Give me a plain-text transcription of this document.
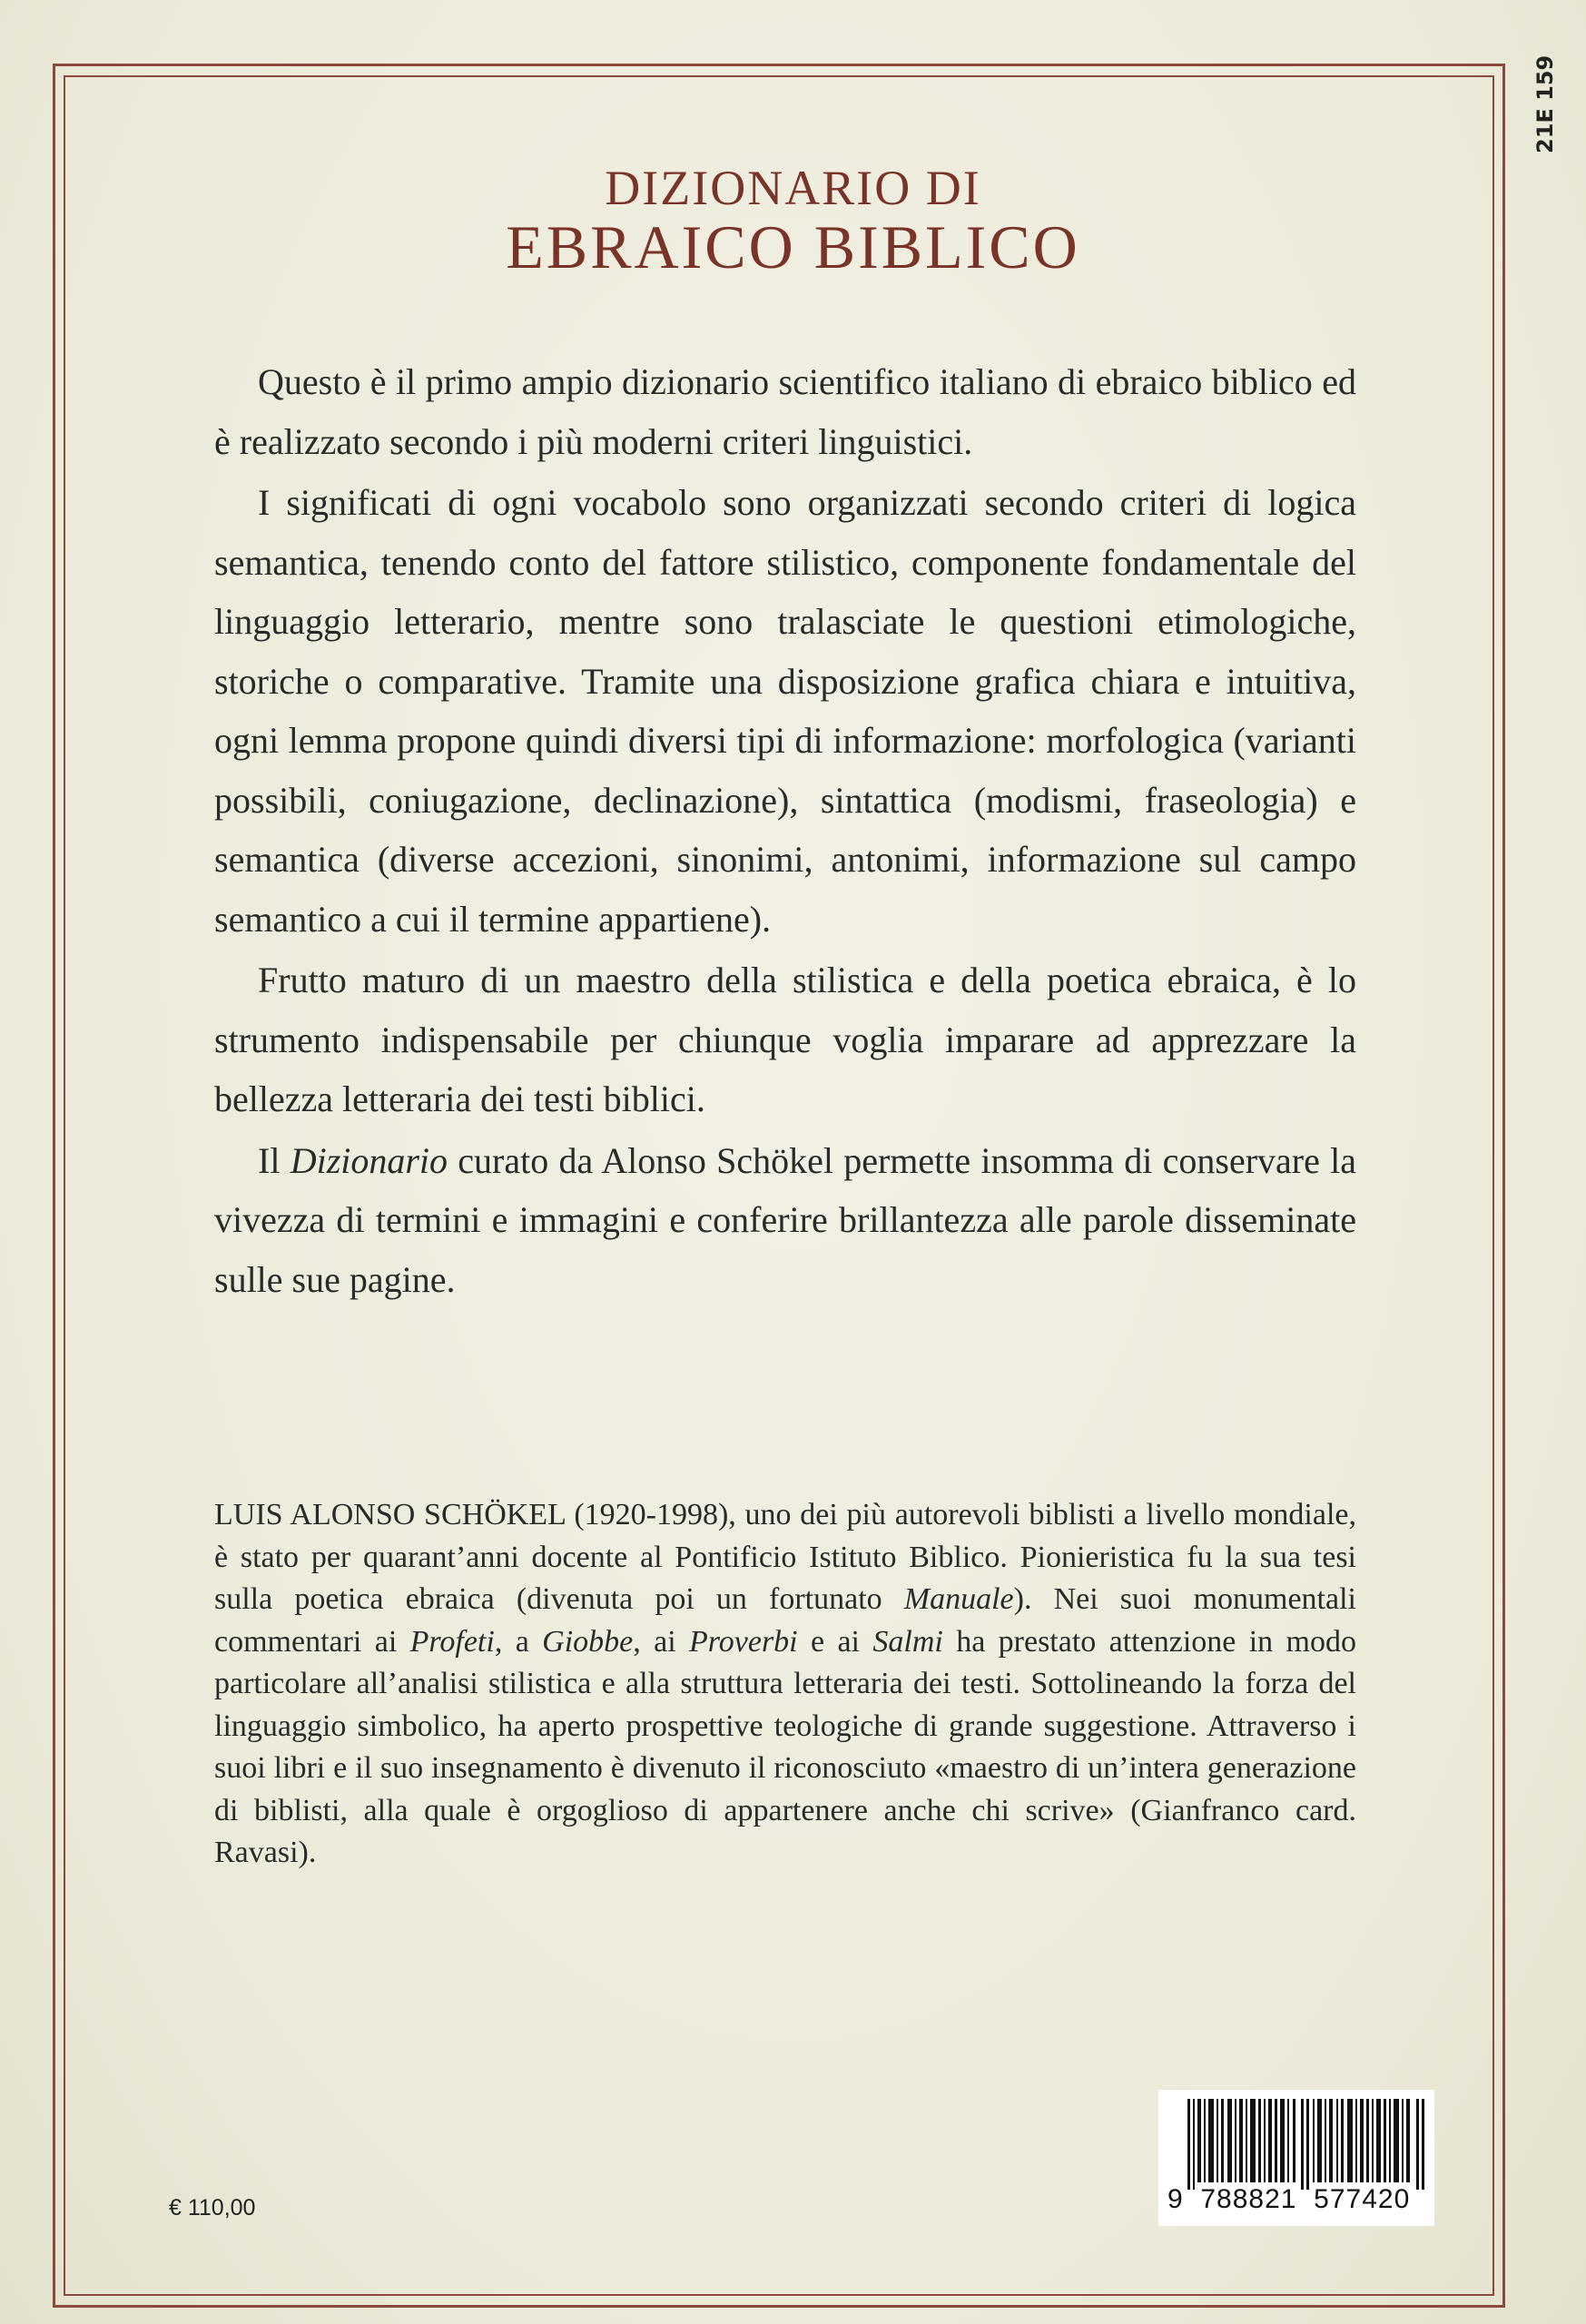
21E 159
DIZIONARIO DI
EBRAICO BIBLICO

Questo è il primo ampio dizionario scientifico italiano di ebraico biblico ed è realizzato secondo i più moderni criteri linguistici.

I significati di ogni vocabolo sono organizzati secondo criteri di logica semantica, tenendo conto del fattore stilistico, componente fondamentale del linguaggio letterario, mentre sono tralasciate le questioni etimologiche, storiche o comparative. Tramite una disposizione grafica chiara e intuitiva, ogni lemma propone quindi diversi tipi di informazione: morfologica (varianti possibili, coniugazione, declinazione), sintattica (modismi, fraseologia) e semantica (diverse accezioni, sinonimi, antonimi, informazione sul campo semantico a cui il termine appartiene).

Frutto maturo di un maestro della stilistica e della poetica ebraica, è lo strumento indispensabile per chiunque voglia imparare ad apprezzare la bellezza letteraria dei testi biblici.

Il Dizionario curato da Alonso Schökel permette insomma di conservare la vivezza di termini e immagini e conferire brillantezza alle parole disseminate sulle sue pagine.

LUIS ALONSO SCHÖKEL (1920-1998), uno dei più autorevoli biblisti a livello mondiale, è stato per quarant’anni docente al Pontificio Istituto Biblico. Pionieristica fu la sua tesi sulla poetica ebraica (divenuta poi un fortunato Manuale). Nei suoi monumentali commentari ai Profeti, a Giobbe, ai Proverbi e ai Salmi ha prestato attenzione in modo particolare all’analisi stilistica e alla struttura letteraria dei testi. Sottolineando la forza del linguaggio simbolico, ha aperto prospettive teologiche di grande suggestione. Attraverso i suoi libri e il suo insegnamento è divenuto il riconosciuto «maestro di un’intera generazione di biblisti, alla quale è orgoglioso di appartenere anche chi scrive» (Gianfranco card. Ravasi).

€ 110,00	9 788821 577420
